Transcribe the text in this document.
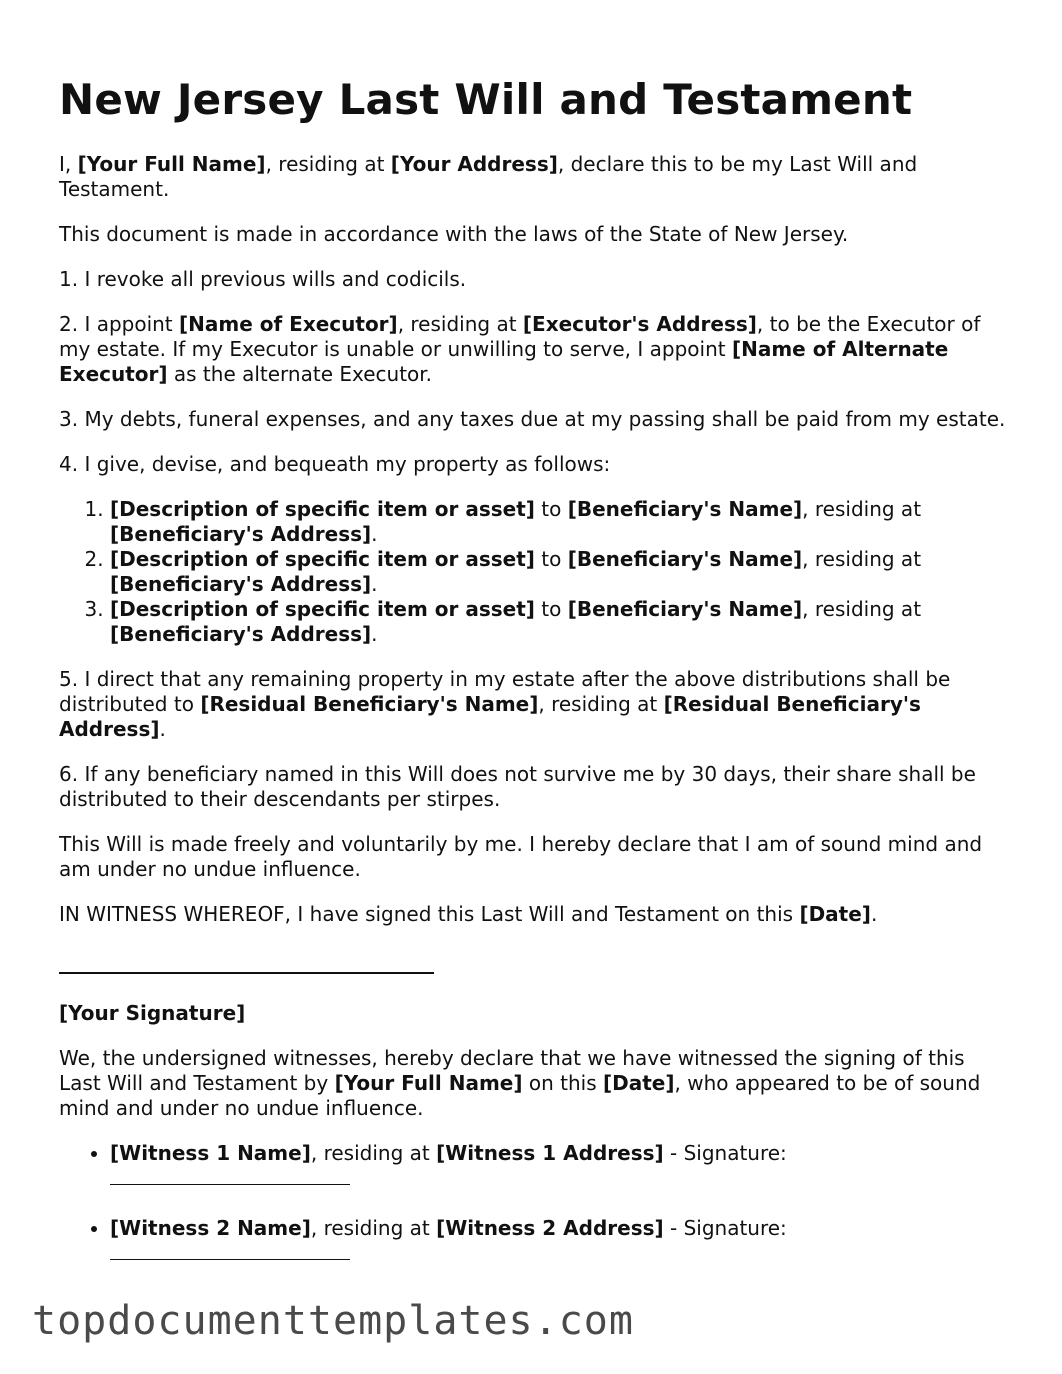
New Jersey Last Will and Testament

I, [Your Full Name], residing at [Your Address], declare this to be my Last Will and Testament.

This document is made in accordance with the laws of the State of New Jersey.

1. I revoke all previous wills and codicils.

2. I appoint [Name of Executor], residing at [Executor's Address], to be the Executor of my estate. If my Executor is unable or unwilling to serve, I appoint [Name of Alternate Executor] as the alternate Executor.

3. My debts, funeral expenses, and any taxes due at my passing shall be paid from my estate.

4. I give, devise, and bequeath my property as follows:

1. [Description of specific item or asset] to [Beneficiary's Name], residing at [Beneficiary's Address].
2. [Description of specific item or asset] to [Beneficiary's Name], residing at [Beneficiary's Address].
3. [Description of specific item or asset] to [Beneficiary's Name], residing at [Beneficiary's Address].

5. I direct that any remaining property in my estate after the above distributions shall be distributed to [Residual Beneficiary's Name], residing at [Residual Beneficiary's Address].

6. If any beneficiary named in this Will does not survive me by 30 days, their share shall be distributed to their descendants per stirpes.

This Will is made freely and voluntarily by me. I hereby declare that I am of sound mind and am under no undue influence.

IN WITNESS WHEREOF, I have signed this Last Will and Testament on this [Date].

[Your Signature]

We, the undersigned witnesses, hereby declare that we have witnessed the signing of this Last Will and Testament by [Your Full Name] on this [Date], who appeared to be of sound mind and under no undue influence.

• [Witness 1 Name], residing at [Witness 1 Address] - Signature:

• [Witness 2 Name], residing at [Witness 2 Address] - Signature:

topdocumenttemplates.com
